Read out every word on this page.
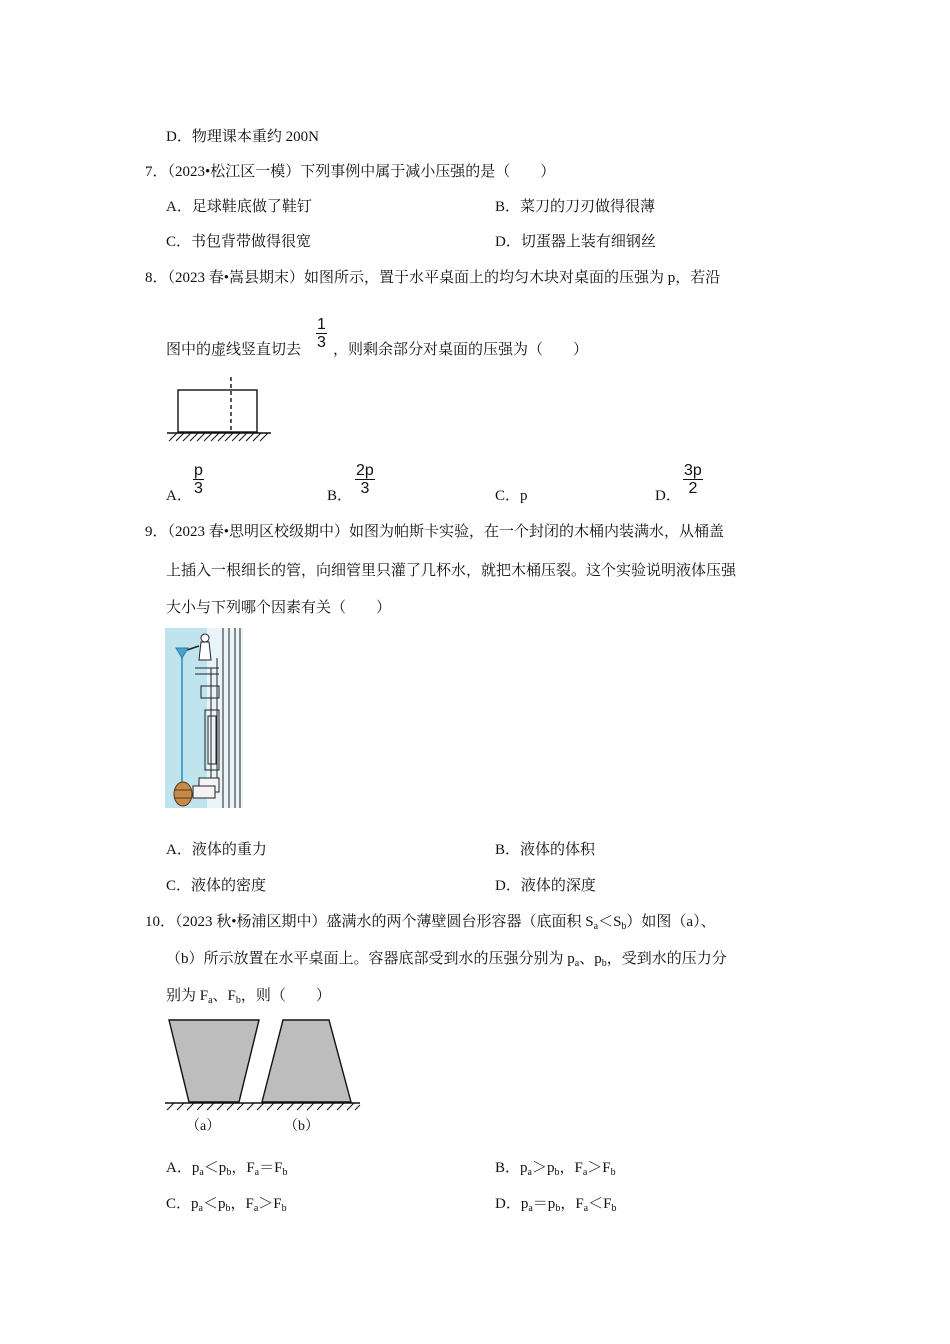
D．物理课本重约 200N
7．（2023•松江区一模）下列事例中属于减小压强的是（　　）
A．足球鞋底做了鞋钉	B．菜刀的刀刃做得很薄
C．书包背带做得很宽	D．切蛋器上装有细钢丝
8．（2023 春•嵩县期末）如图所示，置于水平桌面上的均匀木块对桌面的压强为 p，若沿
图中的虚线竖直切去 $\frac{1}{3}$ ，则剩余部分对桌面的压强为（　　）
A． $\frac{p}{3}$	B． $\frac{2p}{3}$	C．p	D． $\frac{3p}{2}$
9．（2023 春•思明区校级期中）如图为帕斯卡实验，在一个封闭的木桶内装满水，从桶盖
上插入一根细长的管，向细管里只灌了几杯水，就把木桶压裂。这个实验说明液体压强
大小与下列哪个因素有关（　　）
A．液体的重力	B．液体的体积
C．液体的密度	D．液体的深度
10．（2023 秋•杨浦区期中）盛满水的两个薄壁圆台形容器（底面积 $S_a<S_b$）如图（a）、
（b）所示放置在水平桌面上。容器底部受到水的压强分别为 $p_a$、$p_b$，受到水的压力分
别为 $F_a$、$F_b$，则（　　）
（a）	（b）
A．$p_a<p_b$，$F_a=F_b$	B．$p_a>p_b$，$F_a>F_b$
C．$p_a<p_b$，$F_a>F_b$	D．$p_a=p_b$，$F_a<F_b$
